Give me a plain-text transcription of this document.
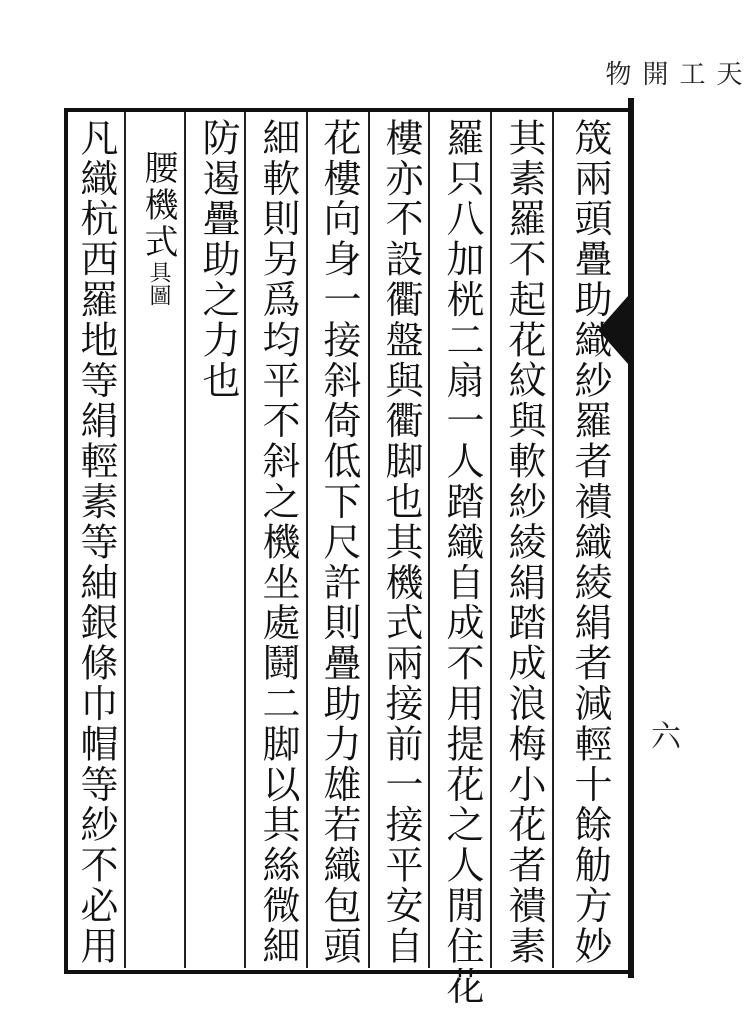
筬兩頭疊助織紗羅者䙡織綾絹者減輕十餘觔方妙
其素羅不起花紋與軟紗綾絹踏成浪梅小花者䙡素
羅只八加桄二扇一人踏織自成不用提花之人閒住花
樓亦不設衢盤與衢脚也其機式兩接前一接平安自
花樓向身一接斜倚低下尺許則疊助力雄若織包頭
細軟則另爲均平不斜之機坐處鬪二脚以其絲微細
防遏疊助之力也
腰機式具圖
凡織杭西羅地等絹輕素等紬銀條巾帽等紗不必用
天工開物
六
